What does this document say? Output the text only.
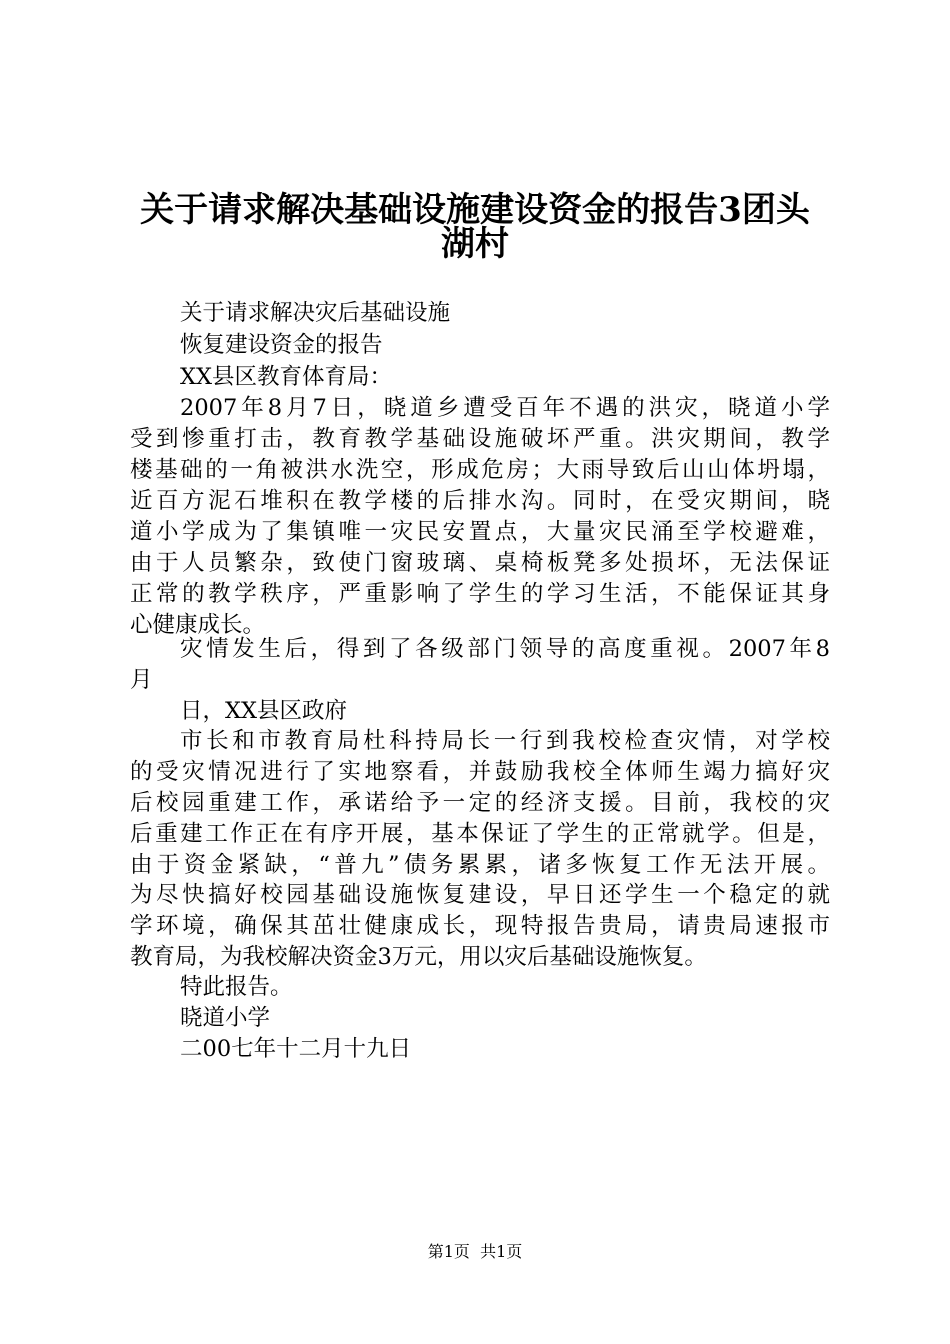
关于请求解决基础设施建设资金的报告3团头
湖村
关于请求解决灾后基础设施
恢复建设资金的报告
XX县区教育体育局：
2007年8月7日，晓道乡遭受百年不遇的洪灾，晓道小学
受到惨重打击，教育教学基础设施破坏严重。洪灾期间，教学
楼基础的一角被洪水洗空，形成危房；大雨导致后山山体坍塌，
近百方泥石堆积在教学楼的后排水沟。同时，在受灾期间，晓
道小学成为了集镇唯一灾民安置点，大量灾民涌至学校避难，
由于人员繁杂，致使门窗玻璃、桌椅板凳多处损坏，无法保证
正常的教学秩序，严重影响了学生的学习生活，不能保证其身
心健康成长。
灾情发生后，得到了各级部门领导的高度重视。2007年8
月
日，XX县区政府
市长和市教育局杜科持局长一行到我校检查灾情，对学校
的受灾情况进行了实地察看，并鼓励我校全体师生竭力搞好灾
后校园重建工作，承诺给予一定的经济支援。目前，我校的灾
后重建工作正在有序开展，基本保证了学生的正常就学。但是，
由于资金紧缺，“普九”债务累累，诸多恢复工作无法开展。
为尽快搞好校园基础设施恢复建设，早日还学生一个稳定的就
学环境，确保其茁壮健康成长，现特报告贵局，请贵局速报市
教育局，为我校解决资金3万元，用以灾后基础设施恢复。
特此报告。
晓道小学
二00七年十二月十九日
第1页  共1页
